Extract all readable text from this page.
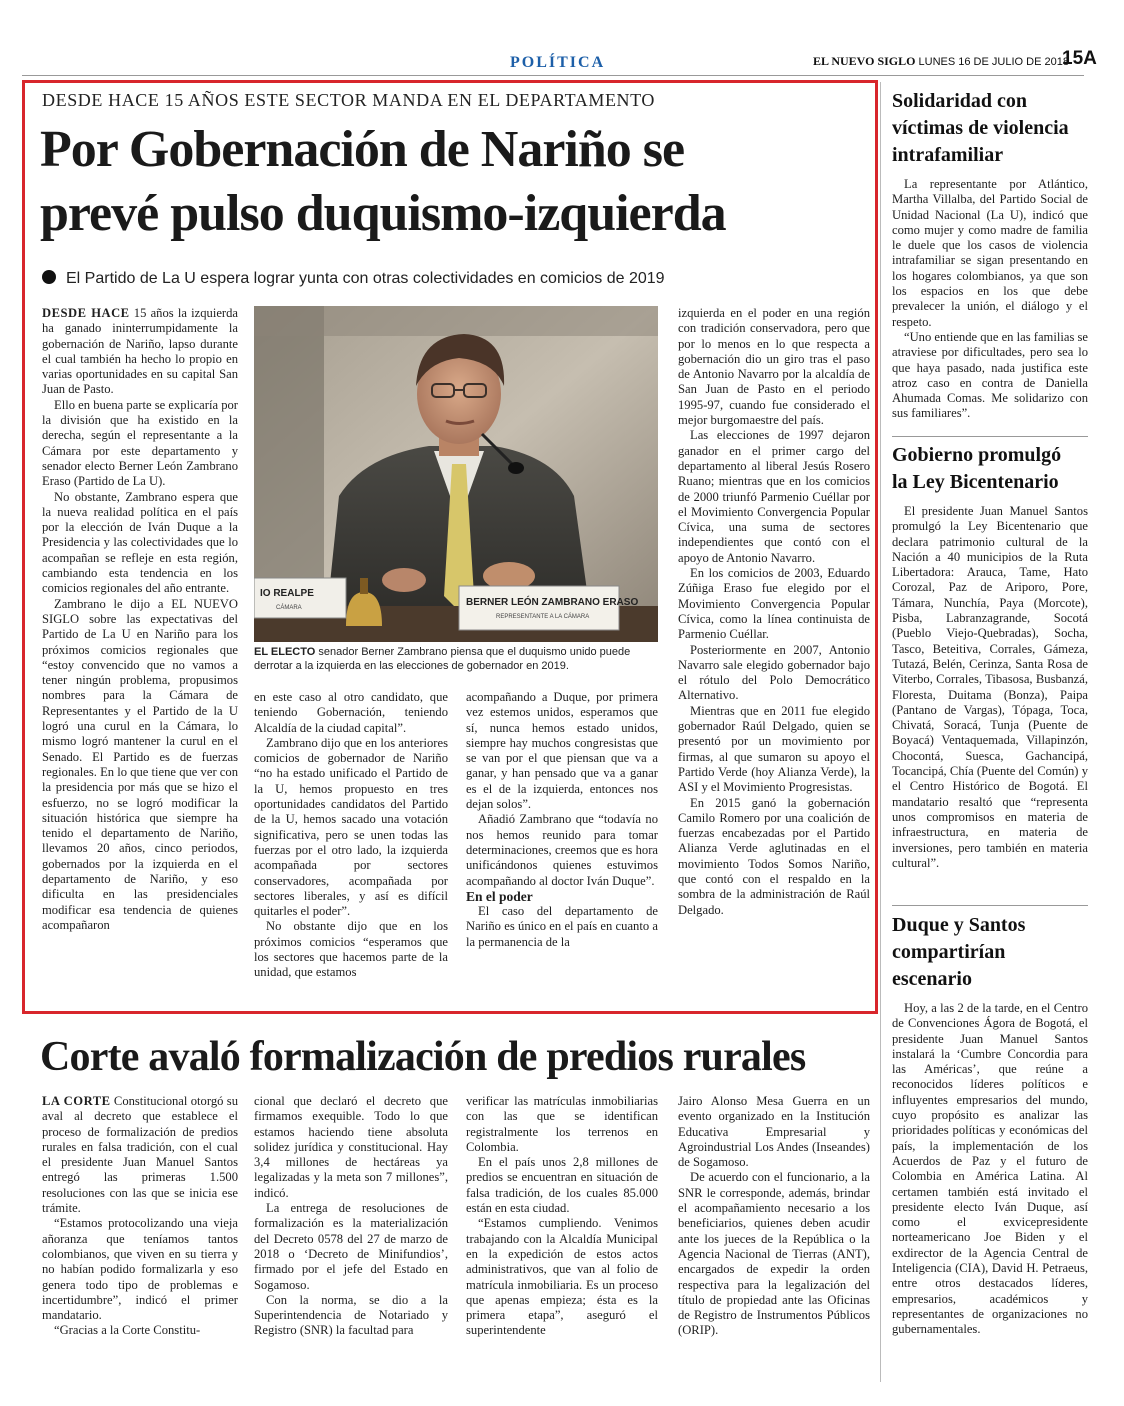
POLÍTICA	EL NUEVO SIGLO LUNES 16 DE JULIO DE 2018
15A
DESDE HACE 15 AÑOS ESTE SECTOR MANDA EN EL DEPARTAMENTO
Por Gobernación de Nariño se
prevé pulso duquismo-izquierda
El Partido de La U espera lograr yunta con otras colectividades en comicios de 2019

DESDE HACE 15 años la izquierda ha ganado ininterrumpidamente la gobernación de Nariño, lapso durante el cual también ha hecho lo propio en varias oportunidades en su capital San Juan de Pasto.

Ello en buena parte se explicaría por la división que ha existido en la derecha, según el representante a la Cámara por este departamento y senador electo Berner León Zambrano Eraso (Partido de La U).

No obstante, Zambrano espera que la nueva realidad política en el país por la elección de Iván Duque a la Presidencia y las colectividades que lo acompañan se refleje en esta región, cambiando esta tendencia en los comicios regionales del año entrante.

Zambrano le dijo a EL NUEVO SIGLO sobre las expectativas del Partido de La U en Nariño para los próximos comicios regionales que “estoy convencido que no vamos a tener ningún problema, propusimos nombres para la Cámara de Representantes y el Partido de la U logró una curul en la Cámara, lo mismo logró mantener la curul en el Senado. El Partido es de fuerzas regionales. En lo que tiene que ver con la presidencia por más que se hizo el esfuerzo, no se logró modificar la situación histórica que siempre ha tenido el departamento de Nariño, llevamos 20 años, cinco periodos, gobernados por la izquierda en el departamento de Nariño, y eso dificulta en las presidenciales modificar esa tendencia de quienes acompañaron

IO REALPE
CÁMARA	BERNER LEÓN ZAMBRANO ERASO
REPRESENTANTE A LA CÁMARA
EL ELECTO senador Berner Zambrano piensa que el duquismo unido puede derrotar a la izquierda en las elecciones de gobernador en 2019.

en este caso al otro candidato, que teniendo Gobernación, teniendo Alcaldía de la ciudad capital”.

Zambrano dijo que en los anteriores comicios de gobernador de Nariño “no ha estado unificado el Partido de la U, hemos propuesto en tres oportunidades candidatos del Partido de la U, hemos sacado una votación significativa, pero se unen todas las fuerzas por el otro lado, la izquierda acompañada por sectores conservadores, acompañada por sectores liberales, y así es difícil quitarles el poder”.

No obstante dijo que en los próximos comicios “esperamos que los sectores que hacemos parte de la unidad, que estamos

acompañando a Duque, por primera vez estemos unidos, esperamos que sí, nunca hemos estado unidos, siempre hay muchos congresistas que se van por el que piensan que va a ganar, y han pensado que va a ganar es el de la izquierda, entonces nos dejan solos”.

Añadió Zambrano que “todavía no nos hemos reunido para tomar determinaciones, creemos que es hora unificándonos quienes estuvimos acompañando al doctor Iván Duque”.

En el poder

El caso del departamento de Nariño es único en el país en cuanto a la permanencia de la

izquierda en el poder en una región con tradición conservadora, pero que por lo menos en lo que respecta a gobernación dio un giro tras el paso de Antonio Navarro por la alcaldía de San Juan de Pasto en el periodo 1995-97, cuando fue considerado el mejor burgomaestre del país.

Las elecciones de 1997 dejaron ganador en el primer cargo del departamento al liberal Jesús Rosero Ruano; mientras que en los comicios de 2000 triunfó Parmenio Cuéllar por el Movimiento Convergencia Popular Cívica, una suma de sectores independientes que contó con el apoyo de Antonio Navarro.

En los comicios de 2003, Eduardo Zúñiga Eraso fue elegido por el Movimiento Convergencia Popular Cívica, como la línea continuista de Parmenio Cuéllar.

Posteriormente en 2007, Antonio Navarro sale elegido gobernador bajo el rótulo del Polo Democrático Alternativo.

Mientras que en 2011 fue elegido gobernador Raúl Delgado, quien se presentó por un movimiento por firmas, al que sumaron su apoyo el Partido Verde (hoy Alianza Verde), la ASI y el Movimiento Progresistas.

En 2015 ganó la gobernación Camilo Romero por una coalición de fuerzas encabezadas por el Partido Alianza Verde aglutinadas en el movimiento Todos Somos Nariño, que contó con el respaldo en la sombra de la administración de Raúl Delgado.

Solidaridad con
víctimas de violencia
intrafamiliar

La representante por Atlántico, Martha Villalba, del Partido Social de Unidad Nacional (La U), indicó que como mujer y como madre de familia le duele que los casos de violencia intrafamiliar se sigan presentando en los hogares colombianos, ya que son los espacios en los que debe prevalecer la unión, el diálogo y el respeto.

“Uno entiende que en las familias se atraviese por dificultades, pero sea lo que haya pasado, nada justifica este atroz caso en contra de Daniella Ahumada Comas. Me solidarizo con sus familiares”.

Gobierno promulgó
la Ley Bicentenario

El presidente Juan Manuel Santos promulgó la Ley Bicentenario que declara patrimonio cultural de la Nación a 40 municipios de la Ruta Libertadora: Arauca, Tame, Hato Corozal, Paz de Ariporo, Pore, Támara, Nunchía, Paya (Morcote), Pisba, Labranzagrande, Socotá (Pueblo Viejo-Quebradas), Socha, Tasco, Beteitiva, Corrales, Gámeza, Tutazá, Belén, Cerinza, Santa Rosa de Viterbo, Corrales, Tibasosa, Busbanzá, Floresta, Duitama (Bonza), Paipa (Pantano de Vargas), Tópaga, Toca, Chivatá, Soracá, Tunja (Puente de Boyacá) Ventaquemada, Villapinzón, Chocontá, Suesca, Gachancipá, Tocancipá, Chía (Puente del Común) y el Centro Histórico de Bogotá. El mandatario resaltó que “representa unos compromisos en materia de infraestructura, en materia de inversiones, pero también en materia cultural”.

Duque y Santos
compartirían
escenario

Hoy, a las 2 de la tarde, en el Centro de Convenciones Ágora de Bogotá, el presidente Juan Manuel Santos instalará la ‘Cumbre Concordia para las Américas’, que reúne a reconocidos líderes políticos e influyentes empresarios del mundo, cuyo propósito es analizar las prioridades políticas y económicas del país, la implementación de los Acuerdos de Paz y el futuro de Colombia en América Latina. Al certamen también está invitado el presidente electo Iván Duque, así como el exvicepresidente norteamericano Joe Biden y el exdirector de la Agencia Central de Inteligencia (CIA), David H. Petraeus, entre otros destacados líderes, empresarios, académicos y representantes de organizaciones no gubernamentales.

Corte avaló formalización de predios rurales

LA CORTE Constitucional otorgó su aval al decreto que establece el proceso de formalización de predios rurales en falsa tradición, con el cual el presidente Juan Manuel Santos entregó las primeras 1.500 resoluciones con las que se inicia ese trámite.

“Estamos protocolizando una vieja añoranza que teníamos tantos colombianos, que viven en su tierra y no habían podido formalizarla y eso genera todo tipo de problemas e incertidumbre”, indicó el primer mandatario.

“Gracias a la Corte Constitu-

cional que declaró el decreto que firmamos exequible. Todo lo que estamos haciendo tiene absoluta solidez jurídica y constitucional. Hay 3,4 millones de hectáreas ya legalizadas y la meta son 7 millones”, indicó.

La entrega de resoluciones de formalización es la materialización del Decreto 0578 del 27 de marzo de 2018 o ‘Decreto de Minifundios’, firmado por el jefe del Estado en Sogamoso.

Con la norma, se dio a la Superintendencia de Notariado y Registro (SNR) la facultad para

verificar las matrículas inmobiliarias con las que se identifican registralmente los terrenos en Colombia.

En el país unos 2,8 millones de predios se encuentran en situación de falsa tradición, de los cuales 85.000 están en esta ciudad.

“Estamos cumpliendo. Venimos trabajando con la Alcaldía Municipal en la expedición de estos actos administrativos, que van al folio de matrícula inmobiliaria. Es un proceso que apenas empieza; ésta es la primera etapa”, aseguró el superintendente

Jairo Alonso Mesa Guerra en un evento organizado en la Institución Educativa Empresarial y Agroindustrial Los Andes (Inseandes) de Sogamoso.

De acuerdo con el funcionario, a la SNR le corresponde, además, brindar el acompañamiento necesario a los beneficiarios, quienes deben acudir ante los jueces de la República o la Agencia Nacional de Tierras (ANT), encargados de expedir la orden respectiva para la legalización del título de propiedad ante las Oficinas de Registro de Instrumentos Públicos (ORIP).
